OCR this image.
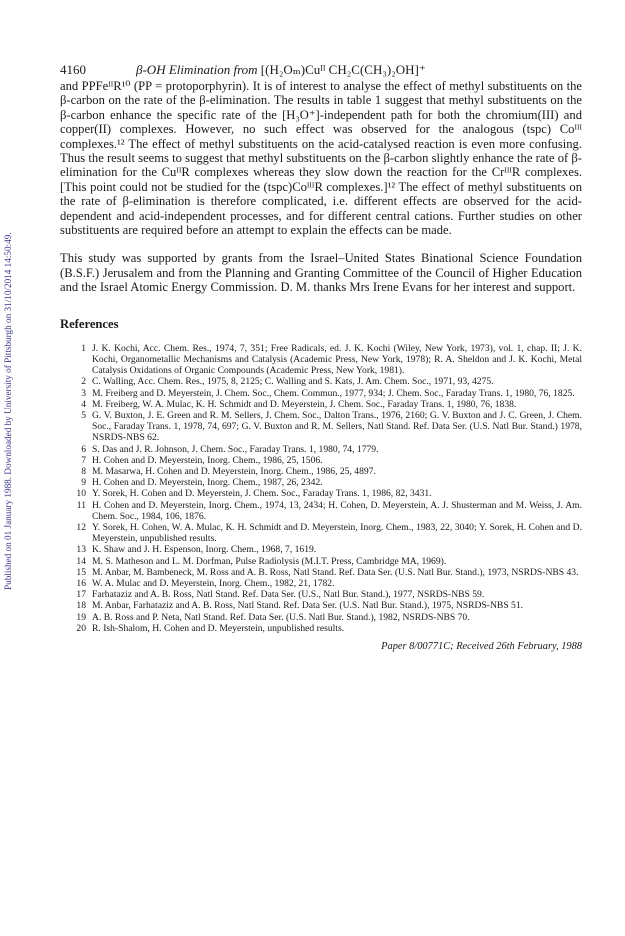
Published on 01 January 1988. Downloaded by University of Pittsburgh on 31/10/2014 14:50:49.
4160	β-OH Elimination from [(H₂Oₘ)Cuᴵᴵ CH₂C(CH₃)₂OH]⁺

and PPFeᴵᴵR¹⁰ (PP = protoporphyrin). It is of interest to analyse the effect of methyl substituents on the β-carbon on the rate of the β-elimination. The results in table 1 suggest that methyl substituents on the β-carbon enhance the specific rate of the [H₃O⁺]-independent path for both the chromium(III) and copper(II) complexes. However, no such effect was observed for the analogous (tspc) Coᴵᴵᴵ complexes.¹² The effect of methyl substituents on the acid-catalysed reaction is even more confusing. Thus the result seems to suggest that methyl substituents on the β-carbon slightly enhance the rate of β-elimination for the CuᴵᴵR complexes whereas they slow down the reaction for the CrᴵᴵᴵR complexes. [This point could not be studied for the (tspc)CoᴵᴵᴵR complexes.]¹² The effect of methyl substituents on the rate of β-elimination is therefore complicated, i.e. different effects are observed for the acid-dependent and acid-independent processes, and for different central cations. Further studies on other substituents are required before an attempt to explain the effects can be made.

This study was supported by grants from the Israel–United States Binational Science Foundation (B.S.F.) Jerusalem and from the Planning and Granting Committee of the Council of Higher Education and the Israel Atomic Energy Commission. D. M. thanks Mrs Irene Evans for her interest and support.

References
1 J. K. Kochi, Acc. Chem. Res., 1974, 7, 351; Free Radicals, ed. J. K. Kochi (Wiley, New York, 1973), vol. 1, chap. II; J. K. Kochi, Organometallic Mechanisms and Catalysis (Academic Press, New York, 1978); R. A. Sheldon and J. K. Kochi, Metal Catalysis Oxidations of Organic Compounds (Academic Press, New York, 1981).
2 C. Walling, Acc. Chem. Res., 1975, 8, 2125; C. Walling and S. Kats, J. Am. Chem. Soc., 1971, 93, 4275.
3 M. Freiberg and D. Meyerstein, J. Chem. Soc., Chem. Commun., 1977, 934; J. Chem. Soc., Faraday Trans. 1, 1980, 76, 1825.
4 M. Freiberg, W. A. Mulac, K. H. Schmidt and D. Meyerstein, J. Chem. Soc., Faraday Trans. 1, 1980, 76, 1838.
5 G. V. Buxton, J. E. Green and R. M. Sellers, J. Chem. Soc., Dalton Trans., 1976, 2160; G. V. Buxton and J. C. Green, J. Chem. Soc., Faraday Trans. 1, 1978, 74, 697; G. V. Buxton and R. M. Sellers, Natl Stand. Ref. Data Ser. (U.S. Natl Bur. Stand.) 1978, NSRDS-NBS 62.
6 S. Das and J. R. Johnson, J. Chem. Soc., Faraday Trans. 1, 1980, 74, 1779.
7 H. Cohen and D. Meyerstein, Inorg. Chem., 1986, 25, 1506.
8 M. Masarwa, H. Cohen and D. Meyerstein, Inorg. Chem., 1986, 25, 4897.
9 H. Cohen and D. Meyerstein, Inorg. Chem., 1987, 26, 2342.
10 Y. Sorek, H. Cohen and D. Meyerstein, J. Chem. Soc., Faraday Trans. 1, 1986, 82, 3431.
11 H. Cohen and D. Meyerstein, Inorg. Chem., 1974, 13, 2434; H. Cohen, D. Meyerstein, A. J. Shusterman and M. Weiss, J. Am. Chem. Soc., 1984, 106, 1876.
12 Y. Sorek, H. Cohen, W. A. Mulac, K. H. Schmidt and D. Meyerstein, Inorg. Chem., 1983, 22, 3040; Y. Sorek, H. Cohen and D. Meyerstein, unpublished results.
13 K. Shaw and J. H. Espenson, Inorg. Chem., 1968, 7, 1619.
14 M. S. Matheson and L. M. Dorfman, Pulse Radiolysis (M.I.T. Press, Cambridge MA, 1969).
15 M. Anbar, M. Bambeneck, M. Ross and A. B. Ross, Natl Stand. Ref. Data Ser. (U.S. Natl Bur. Stand.), 1973, NSRDS-NBS 43.
16 W. A. Mulac and D. Meyerstein, Inorg. Chem., 1982, 21, 1782.
17 Farhataziz and A. B. Ross, Natl Stand. Ref. Data Ser. (U.S., Natl Bur. Stand.), 1977, NSRDS-NBS 59.
18 M. Anbar, Farhataziz and A. B. Ross, Natl Stand. Ref. Data Ser. (U.S. Natl Bur. Stand.), 1975, NSRDS-NBS 51.
19 A. B. Ross and P. Neta, Natl Stand. Ref. Data Ser. (U.S. Natl Bur. Stand.), 1982, NSRDS-NBS 70.
20 R. Ish-Shalom, H. Cohen and D. Meyerstein, unpublished results.
Paper 8/00771C; Received 26th February, 1988
